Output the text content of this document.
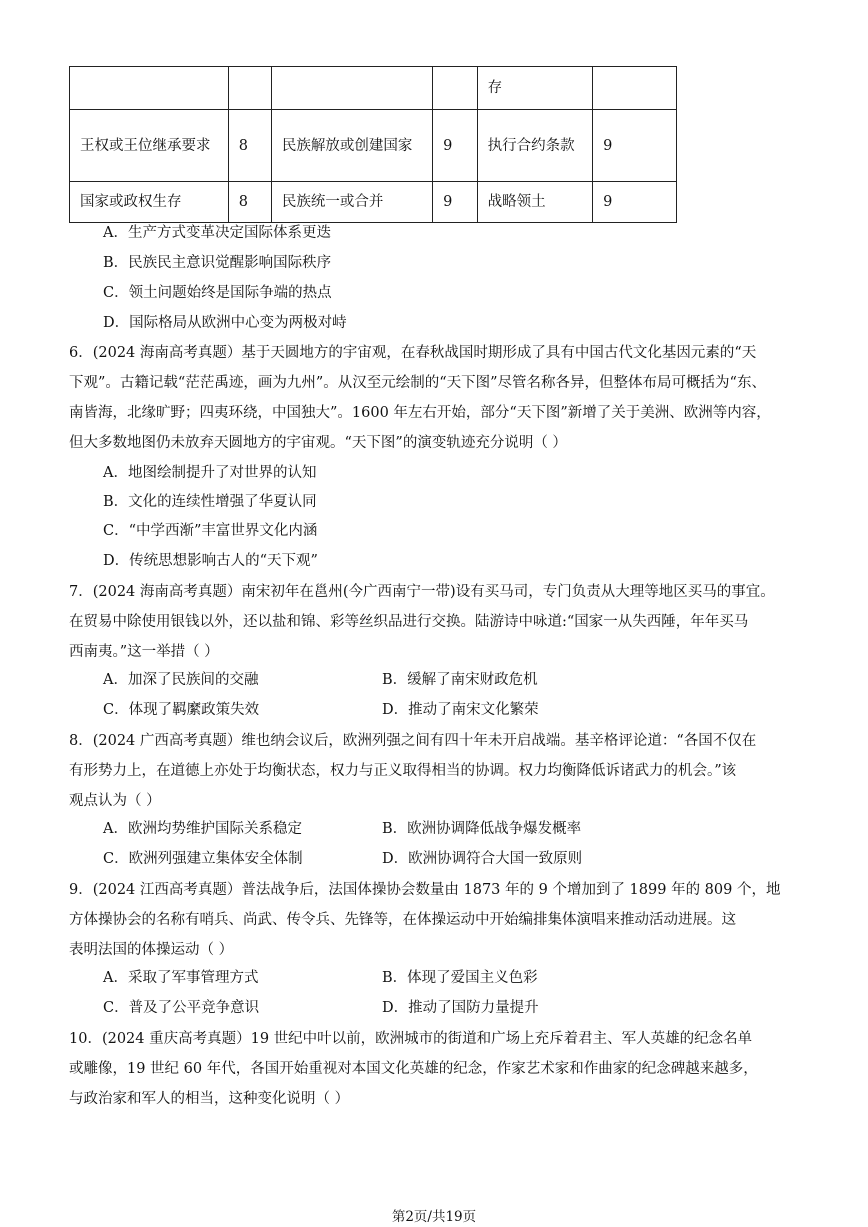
				存	
王权或王位继承要求	8	民族解放或创建国家	9	执行合约条款	9
国家或政权生存	8	民族统一或合并	9	战略领土	9
A．生产方式变革决定国际体系更迭
B．民族民主意识觉醒影响国际秩序
C．领土问题始终是国际争端的热点
D．国际格局从欧洲中心变为两极对峙
6．(2024 海南高考真题）基于天圆地方的宇宙观，在春秋战国时期形成了具有中国古代文化基因元素的“天
下观”。古籍记载“茫茫禹迹，画为九州”。从汉至元绘制的“天下图”尽管名称各异，但整体布局可概括为“东、
南皆海，北缘旷野；四夷环绕，中国独大”。1600 年左右开始，部分“天下图”新增了关于美洲、欧洲等内容，
但大多数地图仍未放弃天圆地方的宇宙观。“天下图”的演变轨迹充分说明（ ）
A．地图绘制提升了对世界的认知
B．文化的连续性增强了华夏认同
C．“中学西渐”丰富世界文化内涵
D．传统思想影响古人的“天下观”
7．(2024 海南高考真题）南宋初年在邕州(今广西南宁一带)设有买马司，专门负责从大理等地区买马的事宜。
在贸易中除使用银钱以外，还以盐和锦、彩等丝织品进行交换。陆游诗中咏道:“国家一从失西陲，年年买马
西南夷。”这一举措（ ）
A．加深了民族间的交融	B．缓解了南宋财政危机
C．体现了羁縻政策失效	D．推动了南宋文化繁荣
8．(2024 广西高考真题）维也纳会议后，欧洲列强之间有四十年未开启战端。基辛格评论道：“各国不仅在
有形势力上，在道德上亦处于均衡状态，权力与正义取得相当的协调。权力均衡降低诉诸武力的机会。”该
观点认为（ ）
A．欧洲均势维护国际关系稳定	B．欧洲协调降低战争爆发概率
C．欧洲列强建立集体安全体制	D．欧洲协调符合大国一致原则
9．(2024 江西高考真题）普法战争后，法国体操协会数量由 1873 年的 9 个增加到了 1899 年的 809 个，地
方体操协会的名称有哨兵、尚武、传令兵、先锋等，在体操运动中开始编排集体演唱来推动活动进展。这
表明法国的体操运动（ ）
A．采取了军事管理方式	B．体现了爱国主义色彩
C．普及了公平竞争意识	D．推动了国防力量提升
10．(2024 重庆高考真题）19 世纪中叶以前，欧洲城市的街道和广场上充斥着君主、军人英雄的纪念名单
或雕像，19 世纪 60 年代，各国开始重视对本国文化英雄的纪念，作家艺术家和作曲家的纪念碑越来越多，
与政治家和军人的相当，这种变化说明（ ）
第2页/共19页
